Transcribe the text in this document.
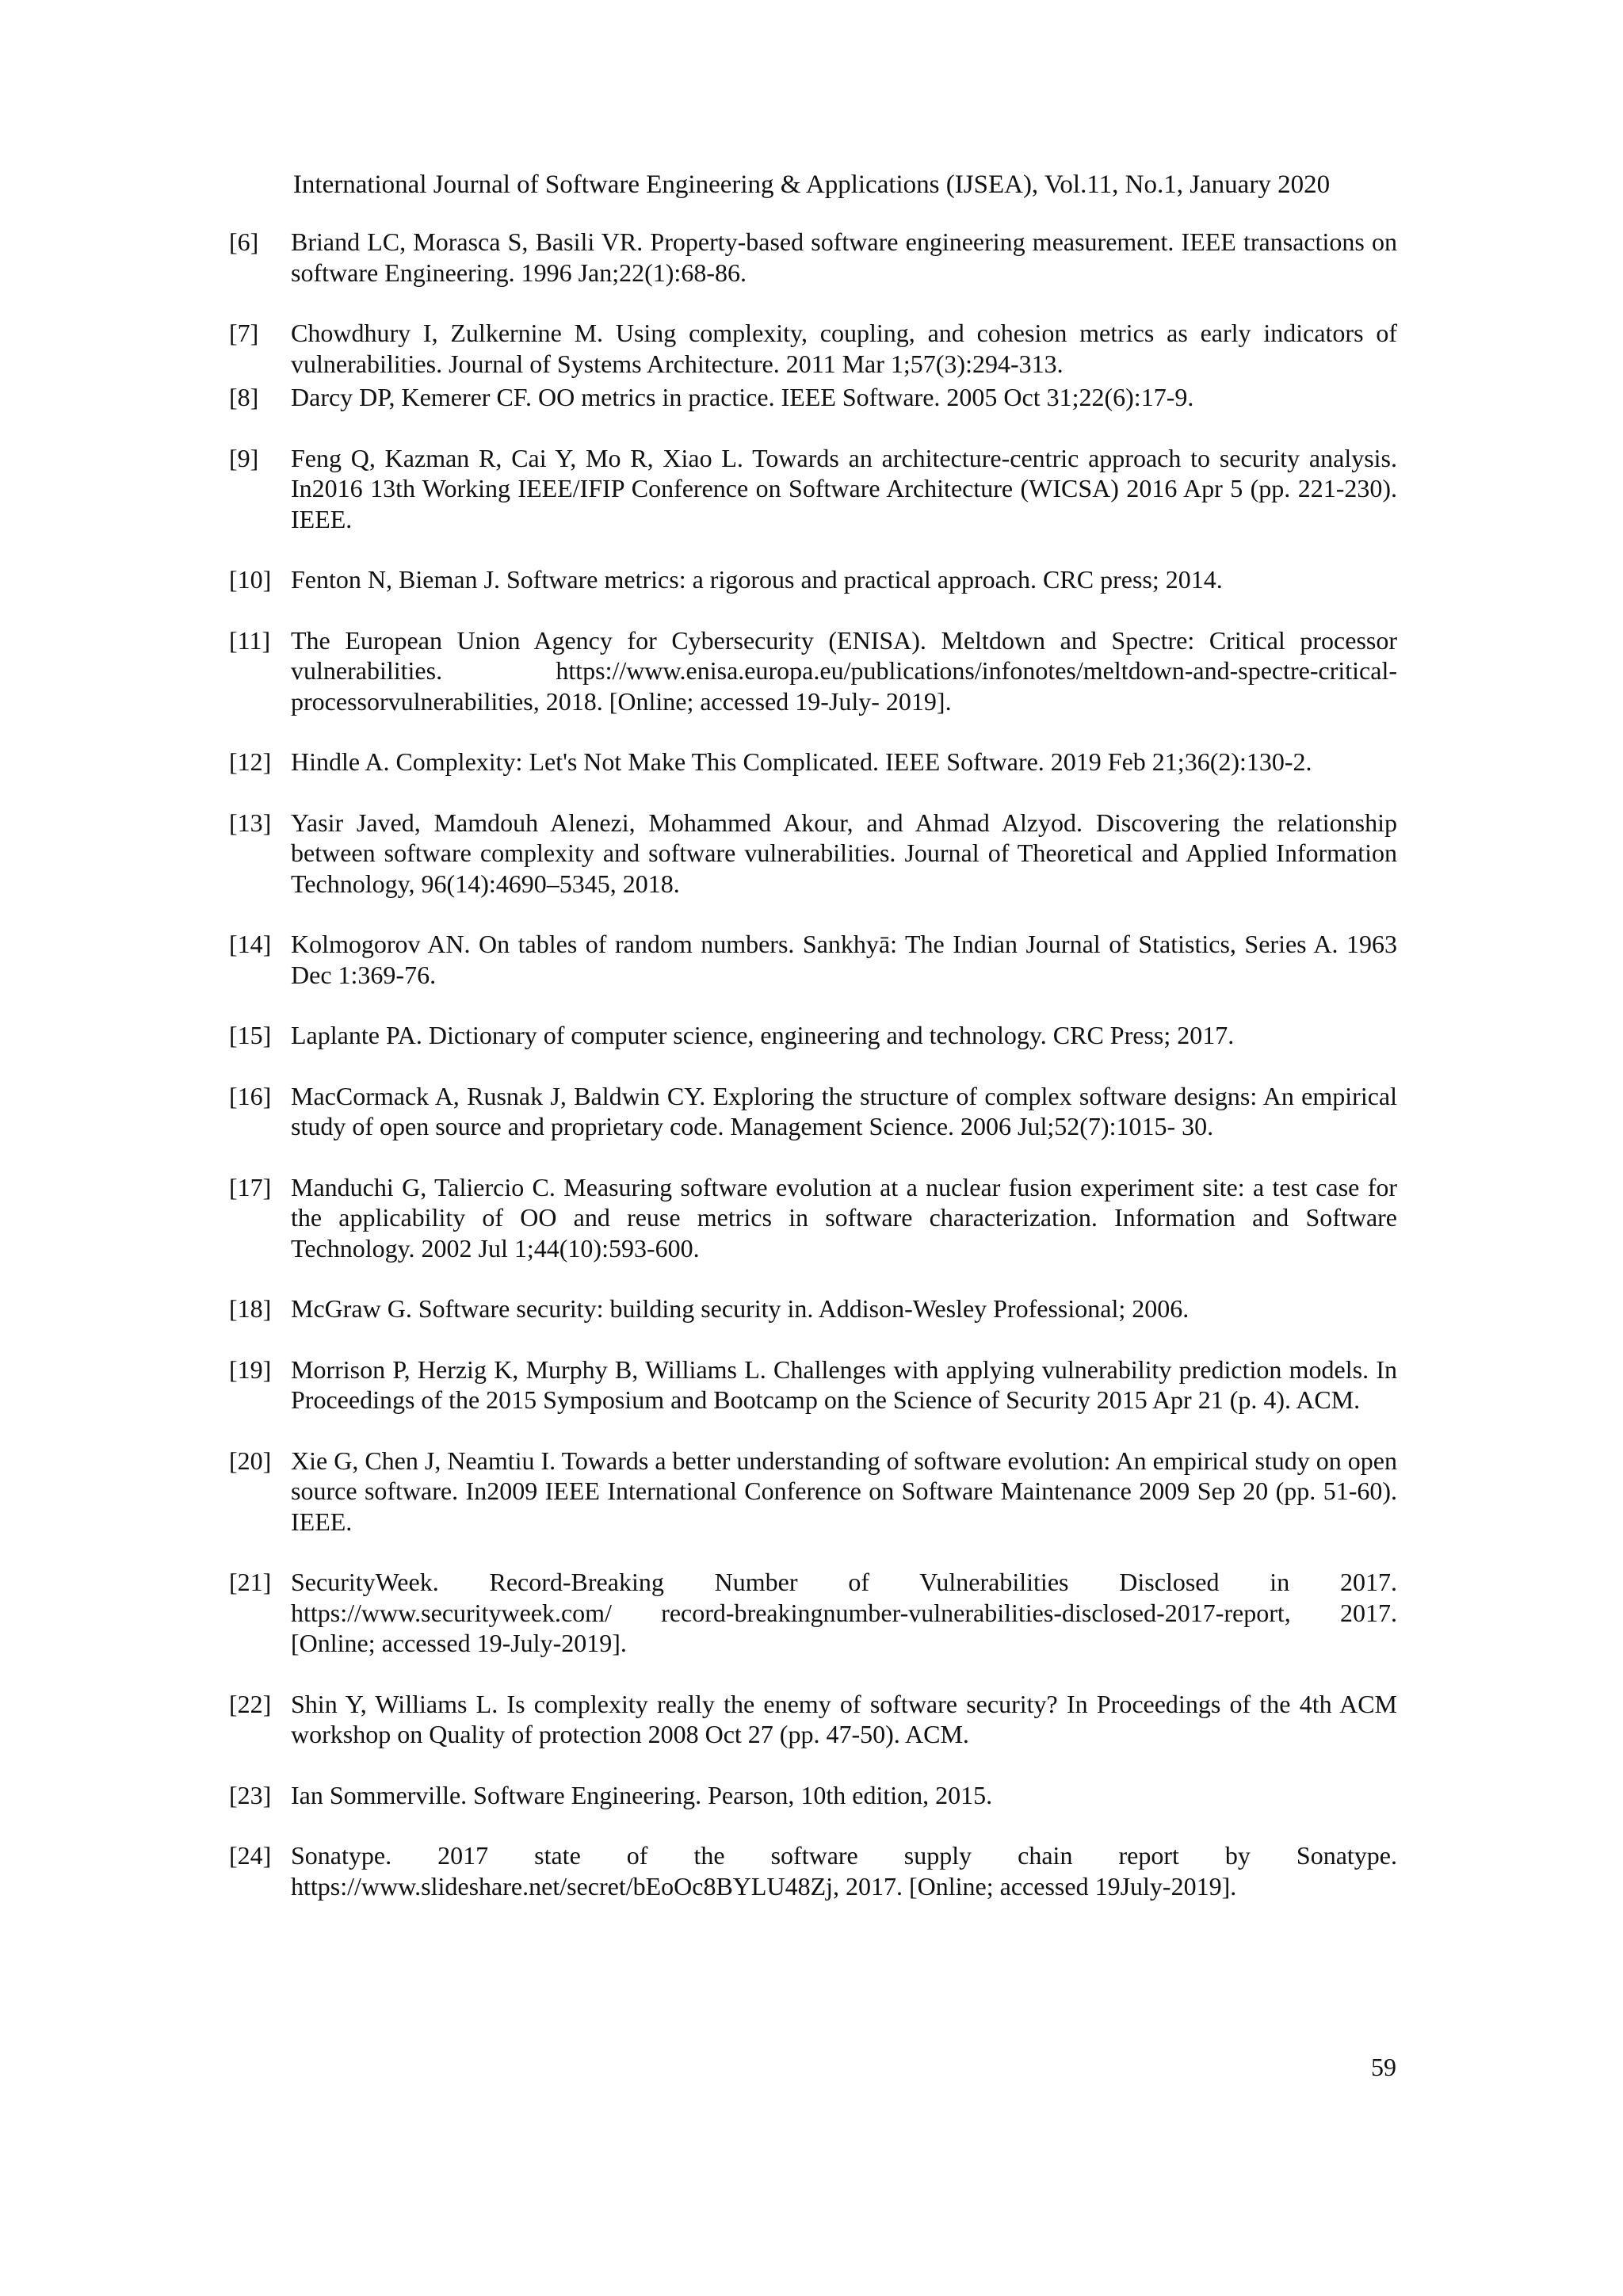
International Journal of Software Engineering & Applications (IJSEA), Vol.11, No.1, January 2020
[6]	Briand LC, Morasca S, Basili VR. Property-based software engineering measurement. IEEE transactions on software Engineering. 1996 Jan;22(1):68-86.
[7]	Chowdhury I, Zulkernine M. Using complexity, coupling, and cohesion metrics as early indicators of vulnerabilities. Journal of Systems Architecture. 2011 Mar 1;57(3):294-313.
[8]	Darcy DP, Kemerer CF. OO metrics in practice. IEEE Software. 2005 Oct 31;22(6):17-9.
[9]	Feng Q, Kazman R, Cai Y, Mo R, Xiao L. Towards an architecture-centric approach to security analysis. In2016 13th Working IEEE/IFIP Conference on Software Architecture (WICSA) 2016 Apr 5 (pp. 221-230). IEEE.
[10] Fenton N, Bieman J. Software metrics: a rigorous and practical approach. CRC press; 2014.
[11] The European Union Agency for Cybersecurity (ENISA). Meltdown and Spectre: Critical processor vulnerabilities. https://www.enisa.europa.eu/publications/infonotes/meltdown-and-spectre-critical-processorvulnerabilities, 2018. [Online; accessed 19-July- 2019].
[12] Hindle A. Complexity: Let's Not Make This Complicated. IEEE Software. 2019 Feb 21;36(2):130-2.
[13] Yasir Javed, Mamdouh Alenezi, Mohammed Akour, and Ahmad Alzyod. Discovering the relationship between software complexity and software vulnerabilities. Journal of Theoretical and Applied Information Technology, 96(14):4690–5345, 2018.
[14] Kolmogorov AN. On tables of random numbers. Sankhyā: The Indian Journal of Statistics, Series A. 1963 Dec 1:369-76.
[15] Laplante PA. Dictionary of computer science, engineering and technology. CRC Press; 2017.
[16] MacCormack A, Rusnak J, Baldwin CY. Exploring the structure of complex software designs: An empirical study of open source and proprietary code. Management Science. 2006 Jul;52(7):1015- 30.
[17] Manduchi G, Taliercio C. Measuring software evolution at a nuclear fusion experiment site: a test case for the applicability of OO and reuse metrics in software characterization. Information and Software Technology. 2002 Jul 1;44(10):593-600.
[18] McGraw G. Software security: building security in. Addison-Wesley Professional; 2006.
[19] Morrison P, Herzig K, Murphy B, Williams L. Challenges with applying vulnerability prediction models. In Proceedings of the 2015 Symposium and Bootcamp on the Science of Security 2015 Apr 21 (p. 4). ACM.
[20] Xie G, Chen J, Neamtiu I. Towards a better understanding of software evolution: An empirical study on open source software. In2009 IEEE International Conference on Software Maintenance 2009 Sep 20 (pp. 51-60). IEEE.
[21] SecurityWeek. Record-Breaking Number of Vulnerabilities Disclosed in 2017. https://www.securityweek.com/ record-breakingnumber-vulnerabilities-disclosed-2017-report, 2017. [Online; accessed 19-July-2019].
[22] Shin Y, Williams L. Is complexity really the enemy of software security? In Proceedings of the 4th ACM workshop on Quality of protection 2008 Oct 27 (pp. 47-50). ACM.
[23] Ian Sommerville. Software Engineering. Pearson, 10th edition, 2015.
[24] Sonatype. 2017 state of the software supply chain report by Sonatype. https://www.slideshare.net/secret/bEoOc8BYLU48Zj, 2017. [Online; accessed 19July-2019].
59
